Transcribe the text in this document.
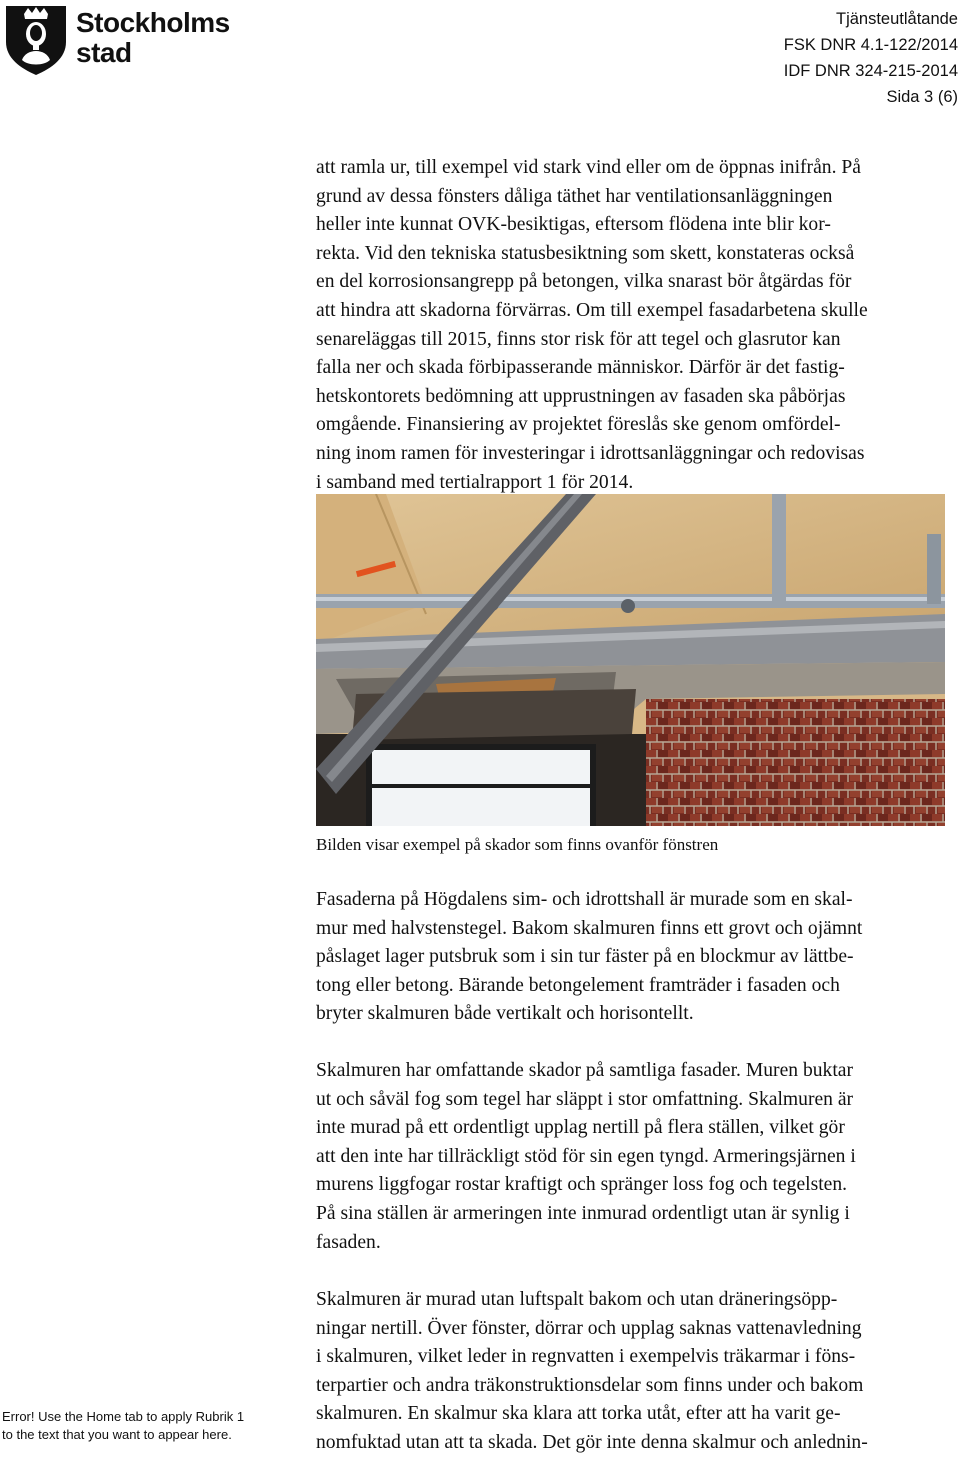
Stockholms
stad
Tjänsteutlåtande
FSK DNR 4.1-122/2014
IDF DNR 324-215-2014
Sida 3 (6)

att ramla ur, till exempel vid stark vind eller om de öppnas inifrån. På

grund av dessa fönsters dåliga täthet har ventilationsanläggningen

heller inte kunnat OVK-besiktigas, eftersom flödena inte blir kor-

rekta. Vid den tekniska statusbesiktning som skett, konstateras också

en del korrosionsangrepp på betongen, vilka snarast bör åtgärdas för

att hindra att skadorna förvärras. Om till exempel fasadarbetena skulle

senareläggas till 2015, finns stor risk för att tegel och glasrutor kan

falla ner och skada förbipasserande människor. Därför är det fastig-

hetskontorets bedömning att upprustningen av fasaden ska påbörjas

omgående. Finansiering av projektet föreslås ske genom omfördel-

ning inom ramen för investeringar i idrottsanläggningar och redovisas

i samband med tertialrapport 1 för 2014.

Bilden visar exempel på skador som finns ovanför fönstren

Fasaderna på Högdalens sim- och idrottshall är murade som en skal-

mur med halvstenstegel. Bakom skalmuren finns ett grovt och ojämnt

påslaget lager putsbruk som i sin tur fäster på en blockmur av lättbe-

tong eller betong. Bärande betongelement framträder i fasaden och

bryter skalmuren både vertikalt och horisontellt.

Skalmuren har omfattande skador på samtliga fasader. Muren buktar

ut och såväl fog som tegel har släppt i stor omfattning. Skalmuren är

inte murad på ett ordentligt upplag nertill på flera ställen, vilket gör

att den inte har tillräckligt stöd för sin egen tyngd. Armeringsjärnen i

murens liggfogar rostar kraftigt och spränger loss fog och tegelsten.

På sina ställen är armeringen inte inmurad ordentligt utan är synlig i

fasaden.

Skalmuren är murad utan luftspalt bakom och utan dräneringsöpp-

ningar nertill. Över fönster, dörrar och upplag saknas vattenavledning

i skalmuren, vilket leder in regnvatten i exempelvis träkarmar i föns-

terpartier och andra träkonstruktionsdelar som finns under och bakom

skalmuren. En skalmur ska klara att torka utåt, efter att ha varit ge-

nomfuktad utan att ta skada. Det gör inte denna skalmur och anlednin-

Error! Use the Home tab to apply Rubrik 1
to the text that you want to appear here.
